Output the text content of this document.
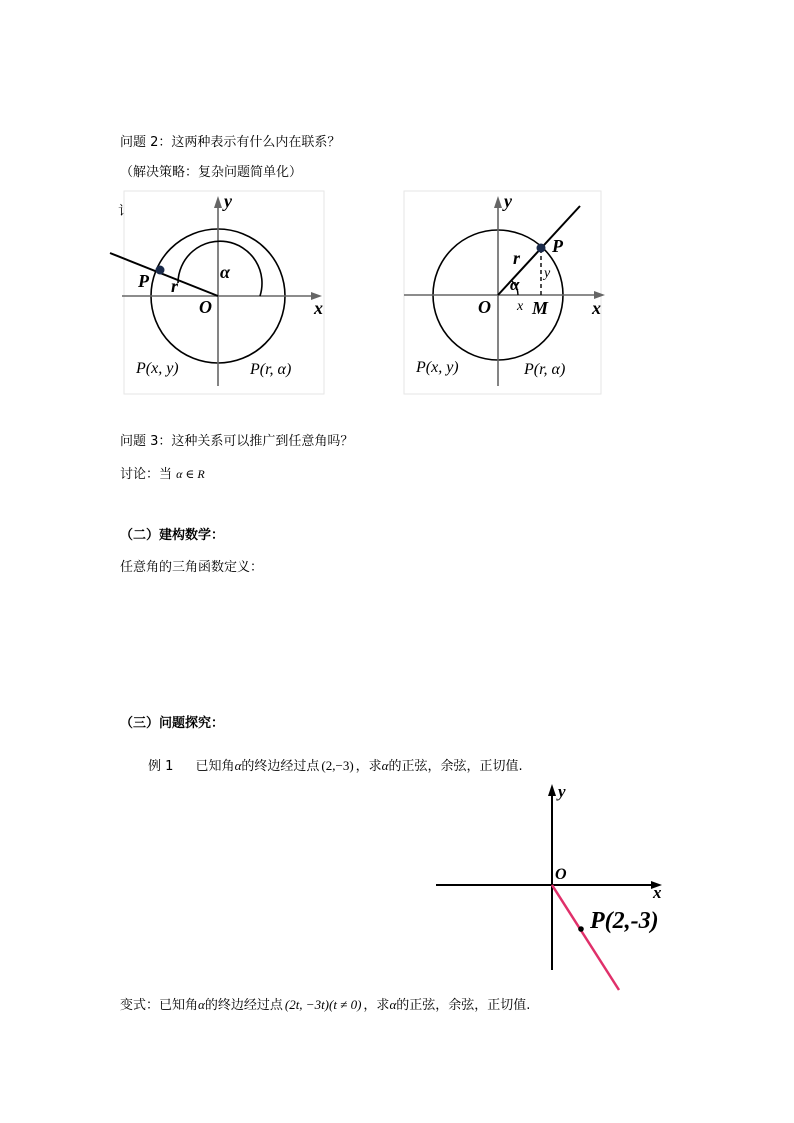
问题 2：这两种表示有什么内在联系？
（解决策略：复杂问题简单化）
讠
y
x
O
α
r
P
P(x, y)	P(r, α)
y
x
O
α
r
P
x
y
M
P(x, y)	P(r, α)
问题 3：这种关系可以推广到任意角吗？
讨论：当 α ∈ R
（二）建构数学：
任意角的三角函数定义：
（三）问题探究：
例 1 已知角α的终边经过点 (2,−3) ，求α的正弦，余弦，正切值.
y
x
O
P(2,-3)
变式：已知角α的终边经过点 (2t, −3t)(t ≠ 0) ，求α的正弦，余弦，正切值.
